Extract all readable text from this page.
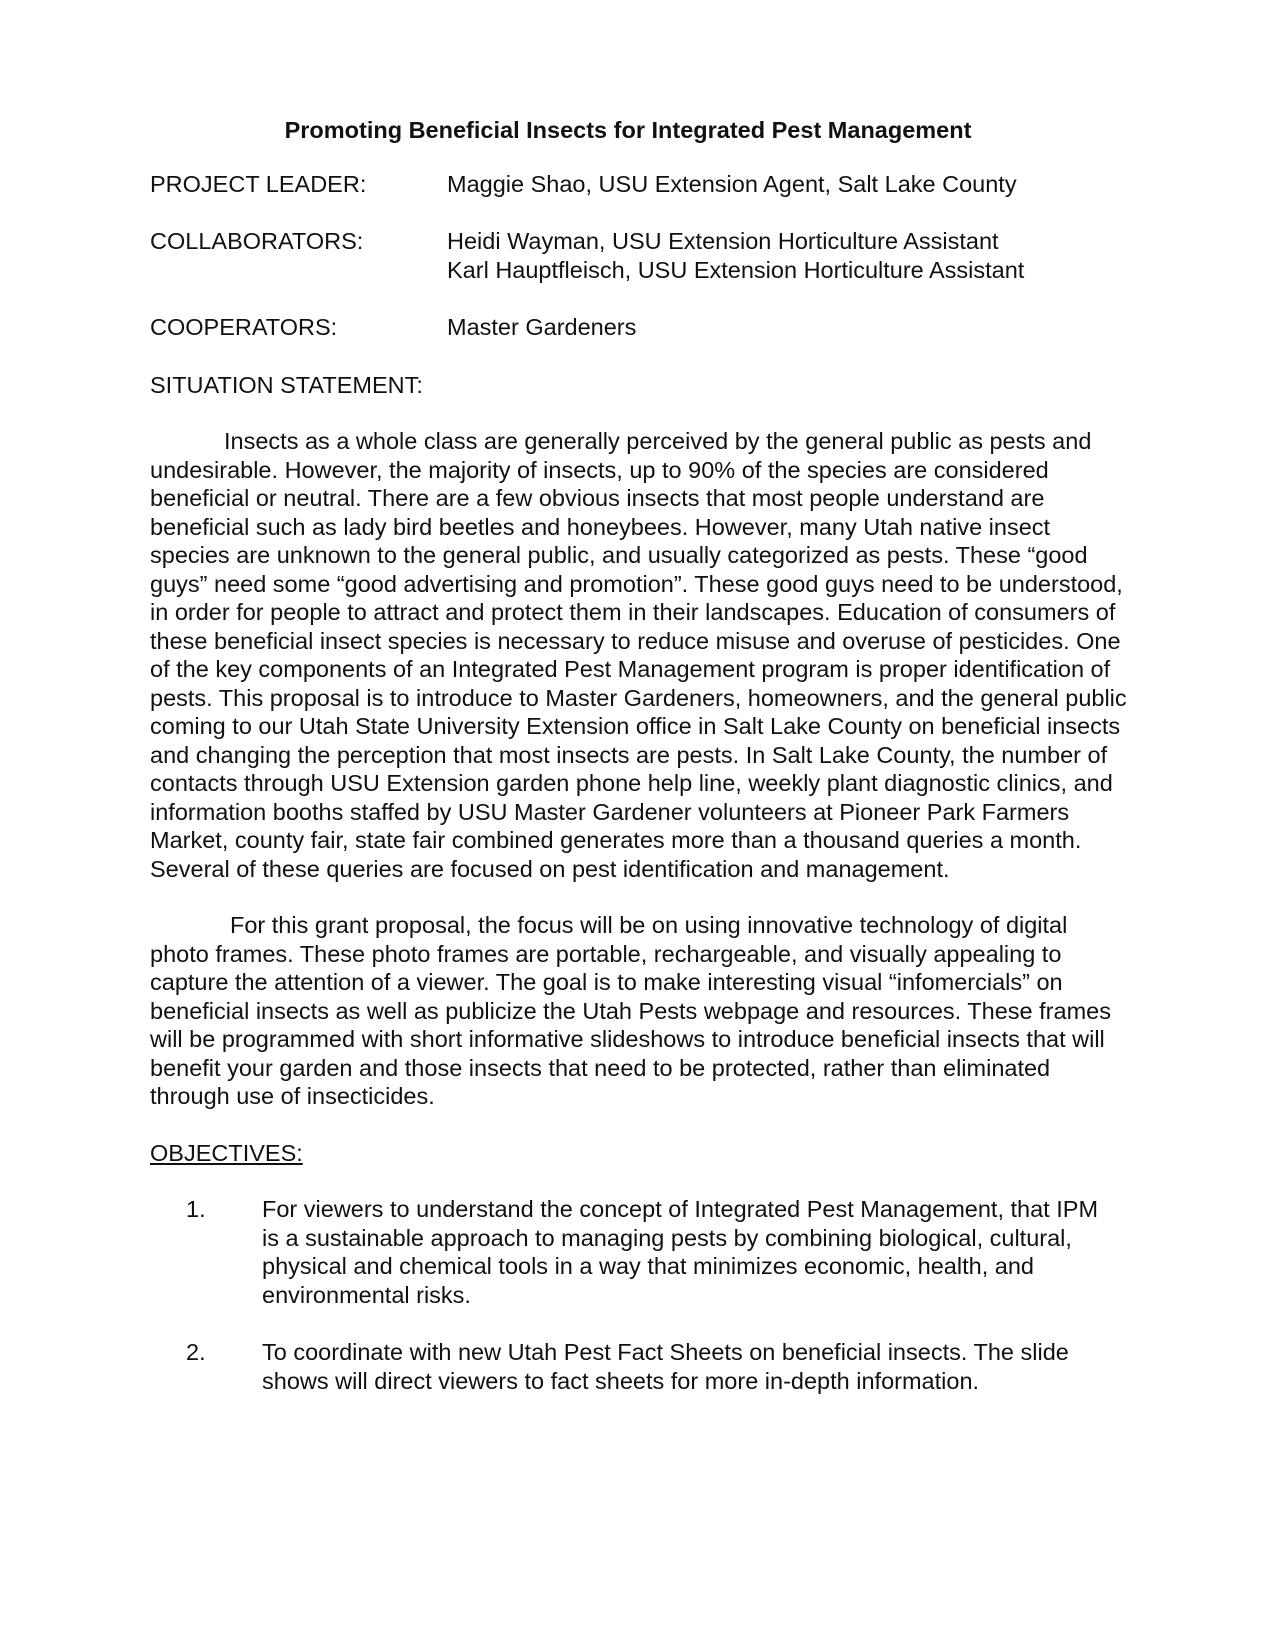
Promoting Beneficial Insects for Integrated Pest Management
PROJECT LEADER:	Maggie Shao, USU Extension Agent, Salt Lake County
COLLABORATORS:	Heidi Wayman, USU Extension Horticulture Assistant
Karl Hauptfleisch, USU Extension Horticulture Assistant
COOPERATORS:	Master Gardeners
SITUATION STATEMENT:

Insects as a whole class are generally perceived by the general public as pests and undesirable. However, the majority of insects, up to 90% of the species are considered beneficial or neutral. There are a few obvious insects that most people understand are beneficial such as lady bird beetles and honeybees. However, many Utah native insect species are unknown to the general public, and usually categorized as pests. These “good guys” need some “good advertising and promotion”. These good guys need to be understood, in order for people to attract and protect them in their landscapes. Education of consumers of these beneficial insect species is necessary to reduce misuse and overuse of pesticides. One of the key components of an Integrated Pest Management program is proper identification of pests. This proposal is to introduce to Master Gardeners, homeowners, and the general public coming to our Utah State University Extension office in Salt Lake County on beneficial insects and changing the perception that most insects are pests. In Salt Lake County, the number of contacts through USU Extension garden phone help line, weekly plant diagnostic clinics, and information booths staffed by USU Master Gardener volunteers at Pioneer Park Farmers Market, county fair, state fair combined generates more than a thousand queries a month. Several of these queries are focused on pest identification and management.

For this grant proposal, the focus will be on using innovative technology of digital photo frames. These photo frames are portable, rechargeable, and visually appealing to capture the attention of a viewer. The goal is to make interesting visual “infomercials” on beneficial insects as well as publicize the Utah Pests webpage and resources. These frames will be programmed with short informative slideshows to introduce beneficial insects that will benefit your garden and those insects that need to be protected, rather than eliminated through use of insecticides.

OBJECTIVES:
1.	For viewers to understand the concept of Integrated Pest Management, that IPM is a sustainable approach to managing pests by combining biological, cultural, physical and chemical tools in a way that minimizes economic, health, and environmental risks.
2.	To coordinate with new Utah Pest Fact Sheets on beneficial insects. The slide shows will direct viewers to fact sheets for more in-depth information.
